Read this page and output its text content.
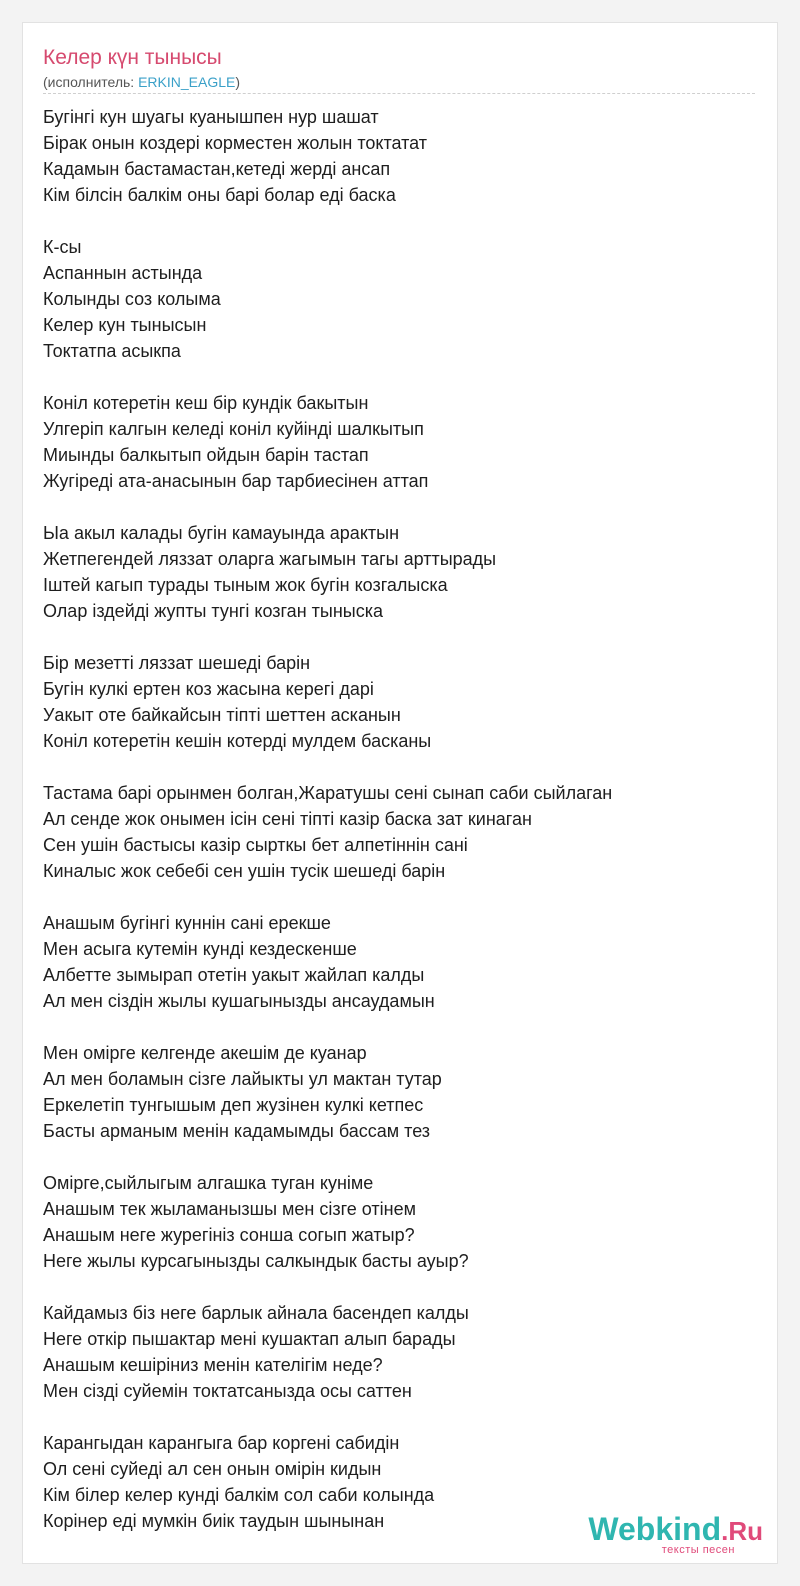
Келер күн тынысы
(исполнитель: ERKIN_EAGLE)
Бугінгі кун шуагы куанышпен нур шашат
Бірак онын коздері корместен жолын токтатат
Кадамын бастамастан,кетеді жерді ансап
Кім білсін балкім оны барі болар еді баска
К-сы
Аспаннын астында
Колынды соз колыма
Келер кун тынысын
Токтатпа асыкпа
Конiл котеретін кеш бір кундік бакытын
Улгеріп калгын келеді конiл куйiнді шалкытып
Миынды балкытып ойдын барін тастап
Жугіреді ата-анасынын бар тарбиесінен аттап
Ыа акыл калады бугін камауында арактын
Жетпегендей ляззат оларга жагымын тагы арттырады
Іштей кагып турады тыным жок бугін козгалыска
Олар іздейді жупты тунгі козган тыныска
Бір мезетті ляззат шешеді барін
Бугін кулкі ертен коз жасына керегі дарі
Уакыт оте байкайсын тіпті шеттен асканын
Конiл котеретін кешін котерді мулдем басканы
Тастама барі орынмен болган,Жаратушы сені сынап саби сыйлаган
Ал сенде жок онымен ісін сені тіпті казір баска зат кинаган
Сен ушін бастысы казір сырткы бет алпетіннін сані
Киналыс жок себебі сен ушін тусік шешеді барін
Анашым бугінгі куннін сані ерекше
Мен асыга кутемін кунді кездескенше
Албетте зымырап отетін уакыт жайлап калды
Ал мен сіздін жылы кушагынызды ансаудамын
Мен омірге келгенде акешім де куанар
Ал мен боламын сізге лайыкты ул мактан тутар
Еркелетіп тунгышым деп жузінен кулкі кетпес
Басты арманым менін кадамымды бассам тез
Омірге,сыйлыгым алгашка туган куніме
Анашым тек жыламанызшы мен сізге отінем
Анашым неге журегініз сонша согып жатыр?
Неге жылы курсагынызды салкындык басты ауыр?
Кайдамыз біз неге барлык айнала басендеп калды
Неге откір пышактар мені кушактап алып барады
Анашым кешіріниз менін кателігім неде?
Мен сізді суйемін токтатсанызда осы саттен
Карангыдан карангыга бар коргені сабидін
Ол сені суйеді ал сен онын омірін кидын
Кім білер келер кунді балкім сол саби колында
Корінер еді мумкін биік таудын шынынан	Webkind.Ru
тексты песен
